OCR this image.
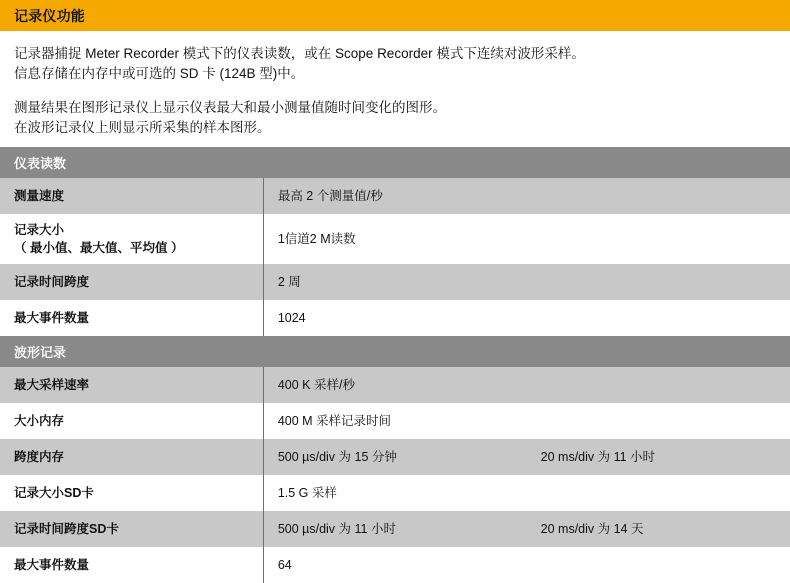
记录仪功能

记录器捕捉 Meter Recorder 模式下的仪表读数，或在 Scope Recorder 模式下连续对波形采样。

信息存储在内存中或可选的 SD 卡 (124B 型)中。

测量结果在图形记录仪上显示仪表最大和最小测量值随时间变化的图形。

在波形记录仪上则显示所采集的样本图形。

仪表读数		
测量速度	最高 2 个测量值/秒	

记录大小
（ 最小值、最大值、平均值 ）	1信道2 M读数	
记录时间跨度	2 周	
最大事件数量	1024	
波形记录		
最大采样速率	400 K 采样/秒	
大小内存	400 M 采样记录时间	
跨度内存	500 µs/div 为 15 分钟	20 ms/div 为 11 小时
记录大小SD卡	1.5 G 采样	
记录时间跨度SD卡	500 µs/div 为 11 小时	20 ms/div 为 14 天
最大事件数量	64	
